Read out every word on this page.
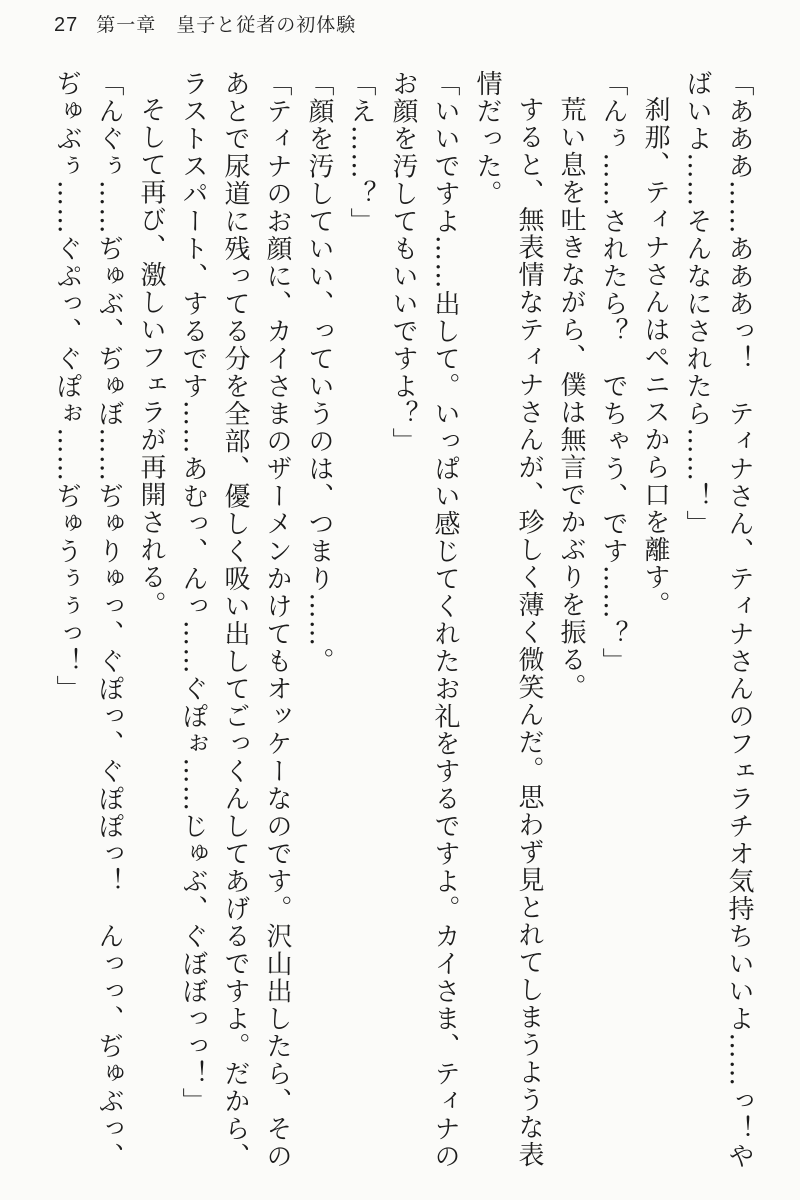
27 第一章　皇子と従者の初体験

「あああ……あああっ！　ティナさん、ティナさんのフェラチオ気持ちいいよ……っ！やばいよ……そんなにされたら……！」

刹那、ティナさんはペニスから口を離す。

「んぅ……されたら？　でちゃう、です……？」

荒い息を吐きながら、僕は無言でかぶりを振る。

すると、無表情なティナさんが、珍しく薄く微笑んだ。思わず見とれてしまうような表情だった。

「いいですよ……出して。いっぱい感じてくれたお礼をするですよ。カイさま、ティナのお顔を汚してもいいですよ？」

「え……？」

「顔を汚していい、っていうのは、つまり……。

「ティナのお顔に、カイさまのザーメンかけてもオッケーなのです。沢山出したら、そのあとで尿道に残ってる分を全部、優しく吸い出してごっくんしてあげるですよ。だから、ラストスパート、するです……あむっ、んっ……ぐぽぉ……じゅぶ、ぐぼぼっっ！」

そして再び、激しいフェラが再開される。

「んぐぅ……ぢゅぶ、ぢゅぼ……ぢゅりゅっ、ぐぽっ、ぐぽぽっ！　んっっ、ぢゅぶっ、ぢゅぶぅ……ぐぷっ、ぐぽぉ……ぢゅうぅぅっ！」
